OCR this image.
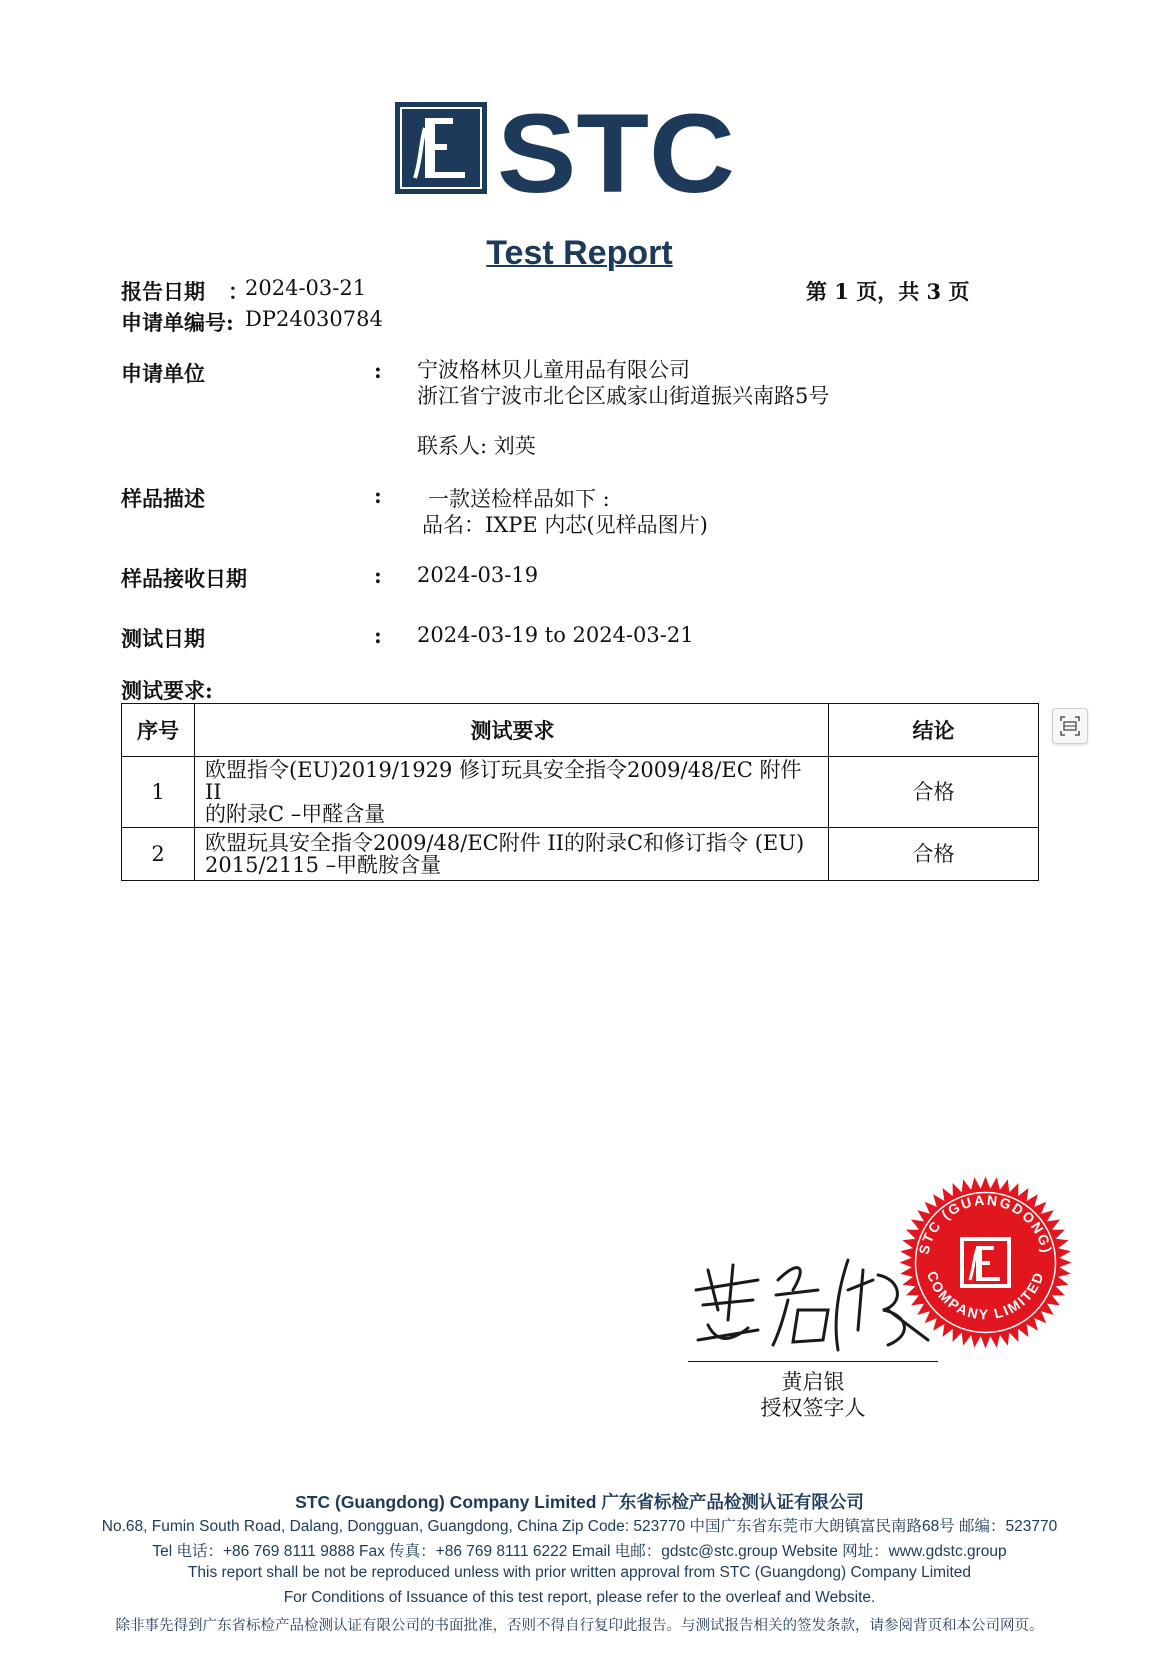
STC
Test Report
报告日期 ：
2024-03-21	第 1 页，共 3 页
申请单编号: DP24030784
申请单位	: 宁波格林贝儿童用品有限公司
浙江省宁波市北仑区戚家山街道振兴南路5号
联系人: 刘英
样品描述	: 一款送检样品如下 :
品名：IXPE 内芯(见样品图片)
样品接收日期	: 2024-03-19
测试日期	: 2024-03-19 to 2024-03-21
测试要求:
序号	测试要求	结论
1	欧盟指令(EU)2019/1929 修订玩具安全指令2009/48/EC 附件 II
的附录C –甲醛含量	合格
2	欧盟玩具安全指令2009/48/EC附件 II的附录C和修订指令 (EU)
2015/2115 –甲酰胺含量	合格
STC (GUANGDONG)
COMPANY LIMITED
黄启银
授权签字人
STC (Guangdong) Company Limited 广东省标检产品检测认证有限公司
No.68, Fumin South Road, Dalang, Dongguan, Guangdong, China Zip Code: 523770 中国广东省东莞市大朗镇富民南路68号 邮编：523770
Tel 电话：+86 769 8111 9888 Fax 传真：+86 769 8111 6222 Email 电邮：gdstc@stc.group Website 网址：www.gdstc.group
This report shall be not be reproduced unless with prior written approval from STC (Guangdong) Company Limited
For Conditions of Issuance of this test report, please refer to the overleaf and Website.
除非事先得到广东省标检产品检测认证有限公司的书面批准，否则不得自行复印此报告。与测试报告相关的签发条款，请参阅背页和本公司网页。
